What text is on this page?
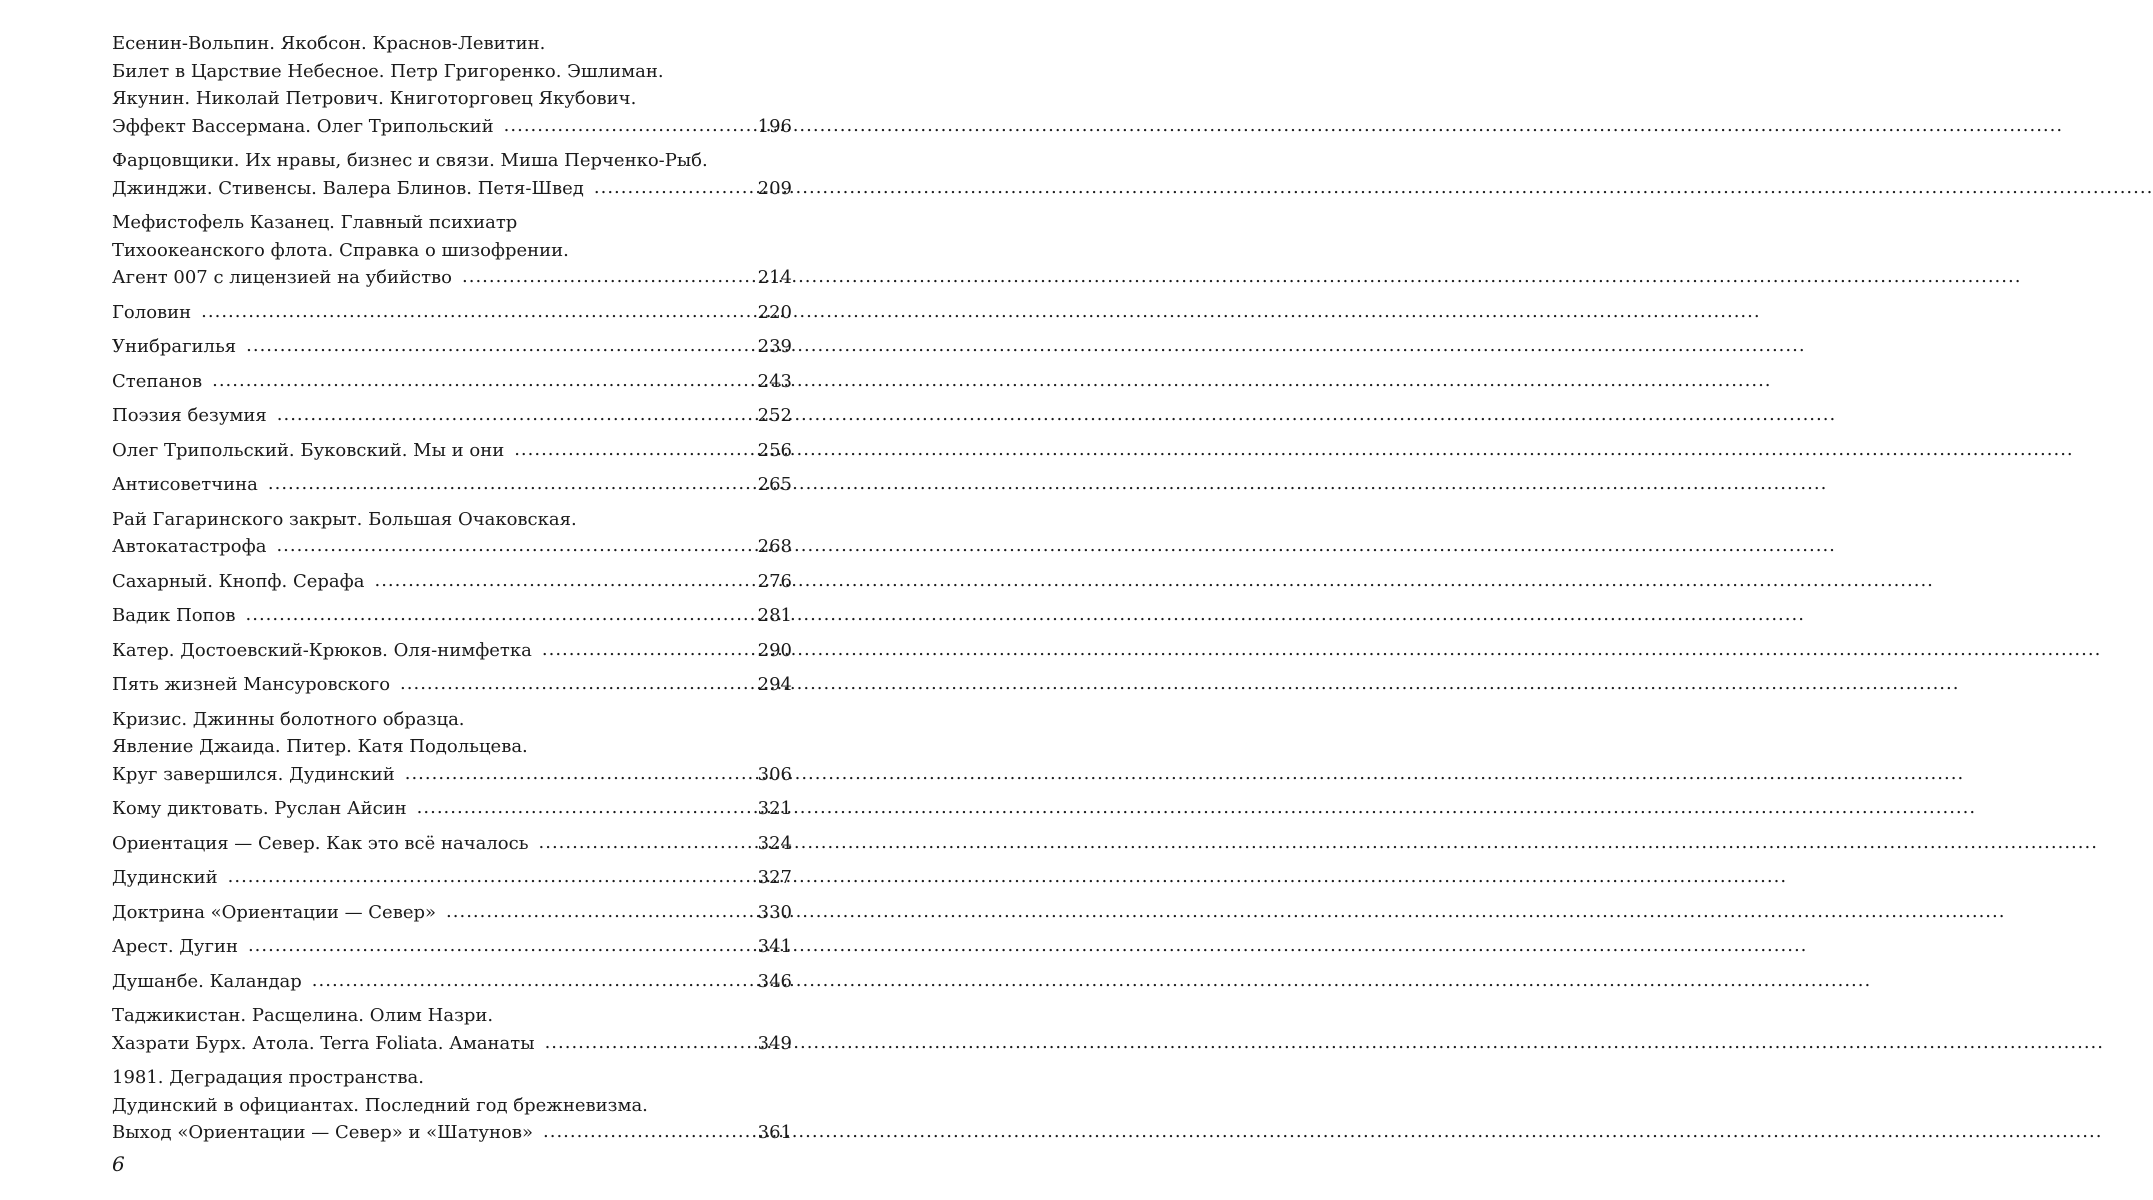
Есенин-Вольпин. Якобсон. Краснов-Левитин.
Билет в Царствие Небесное. Петр Григоренко. Эшлиман.
Якунин. Николай Петрович. Книготорговец Якубович.
Эффект Вассермана. Олег Трипольский .....	196
Фарцовщики. Их нравы, бизнес и связи. Миша Перченко-Рыб.
Джинджи. Стивенсы. Валера Блинов. Петя-Швед .....	209
Мефистофель Казанец. Главный психиатр
Тихоокеанского флота. Справка о шизофрении.
Агент 007 с лицензией на убийство .....	214
Головин .....	220
Унибрагилья .....	239
Степанов .....	243
Поэзия безумия .....	252
Олег Трипольский. Буковский. Мы и они .....	256
Антисоветчина .....	265
Рай Гагаринского закрыт. Большая Очаковская.
Автокатастрофа .....	268
Сахарный. Кнопф. Серафа .....	276
Вадик Попов .....	281
Катер. Достоевский-Крюков. Оля-нимфетка .....	290
Пять жизней Мансуровского .....	294
Кризис. Джинны болотного образца.
Явление Джаида. Питер. Катя Подольцева.
Круг завершился. Дудинский .....	306
Кому диктовать. Руслан Айсин .....	321
Ориентация — Север. Как это всё началось .....	324
Дудинский .....	327
Доктрина «Ориентации — Север» .....	330
Арест. Дугин .....	341
Душанбе. Каландар .....	346
Таджикистан. Расщелина. Олим Назри.
Хазрати Бурх. Атола. Terra Foliata. Аманаты .....	349
1981. Деградация пространства.
Дудинский в официантах. Последний год брежневизма.
Выход «Ориентации — Север» и «Шатунов» .....	361
6
